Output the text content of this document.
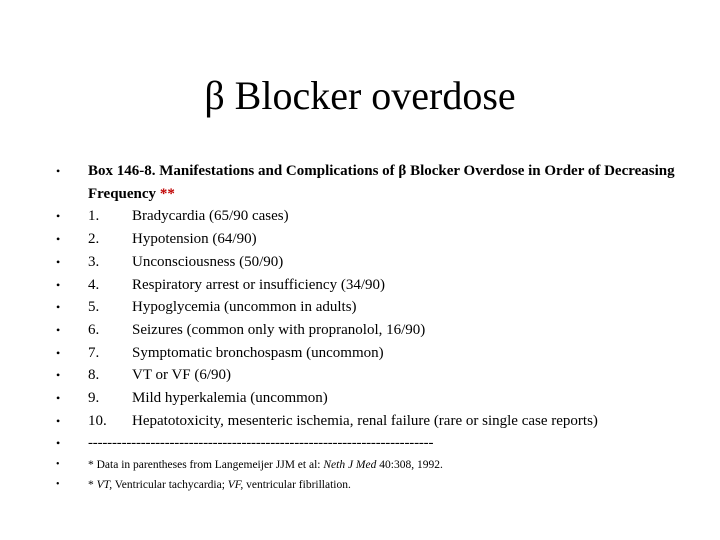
β Blocker overdose
• Box 146-8. Manifestations and Complications of β Blocker Overdose in Order of Decreasing Frequency **
• 1. Bradycardia (65/90 cases)
• 2. Hypotension (64/90)
• 3. Unconsciousness (50/90)
• 4. Respiratory arrest or insufficiency (34/90)
• 5. Hypoglycemia (uncommon in adults)
• 6. Seizures (common only with propranolol, 16/90)
• 7. Symptomatic bronchospasm (uncommon)
• 8. VT or VF (6/90)
• 9. Mild hyperkalemia (uncommon)
• 10. Hepatotoxicity, mesenteric ischemia, renal failure (rare or single case reports)
• ------------------------------------------------------------------------
• * Data in parentheses from Langemeijer JJM et al: Neth J Med 40:308, 1992.
• * VT, Ventricular tachycardia; VF, ventricular fibrillation.
